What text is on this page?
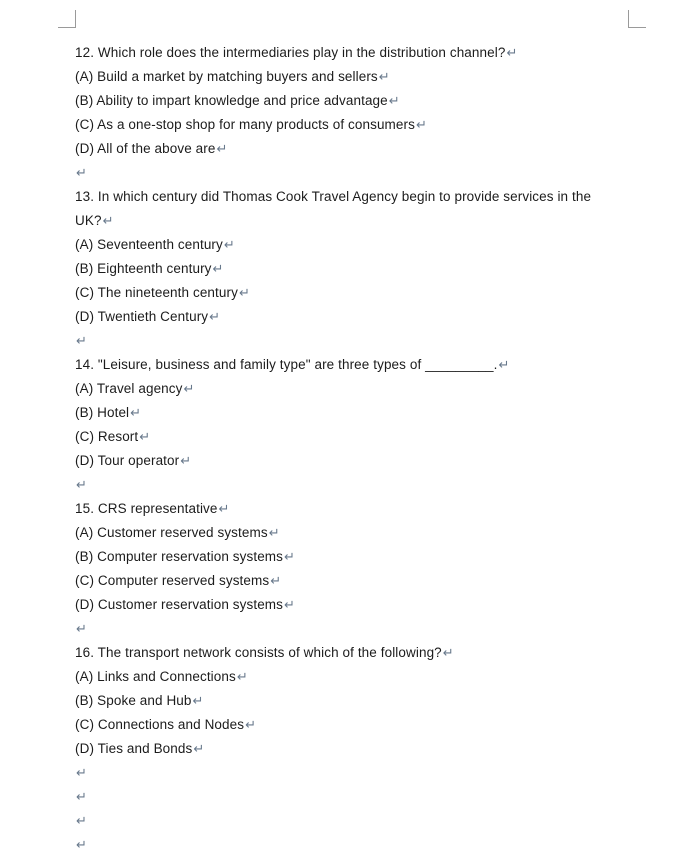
12. Which role does the intermediaries play in the distribution channel?↵
(A) Build a market by matching buyers and sellers↵
(B) Ability to impart knowledge and price advantage↵
(C) As a one-stop shop for many products of consumers↵
(D) All of the above are↵
↵
13. In which century did Thomas Cook Travel Agency begin to provide services in the
UK?↵
(A) Seventeenth century↵
(B) Eighteenth century↵
(C) The nineteenth century↵
(D) Twentieth Century↵
↵
14. "Leisure, business and family type" are three types of _________.↵
(A) Travel agency↵
(B) Hotel↵
(C) Resort↵
(D) Tour operator↵
↵
15. CRS representative↵
(A) Customer reserved systems↵
(B) Computer reservation systems↵
(C) Computer reserved systems↵
(D) Customer reservation systems↵
↵
16. The transport network consists of which of the following?↵
(A) Links and Connections↵
(B) Spoke and Hub↵
(C) Connections and Nodes↵
(D) Ties and Bonds↵
↵
↵
↵
↵
